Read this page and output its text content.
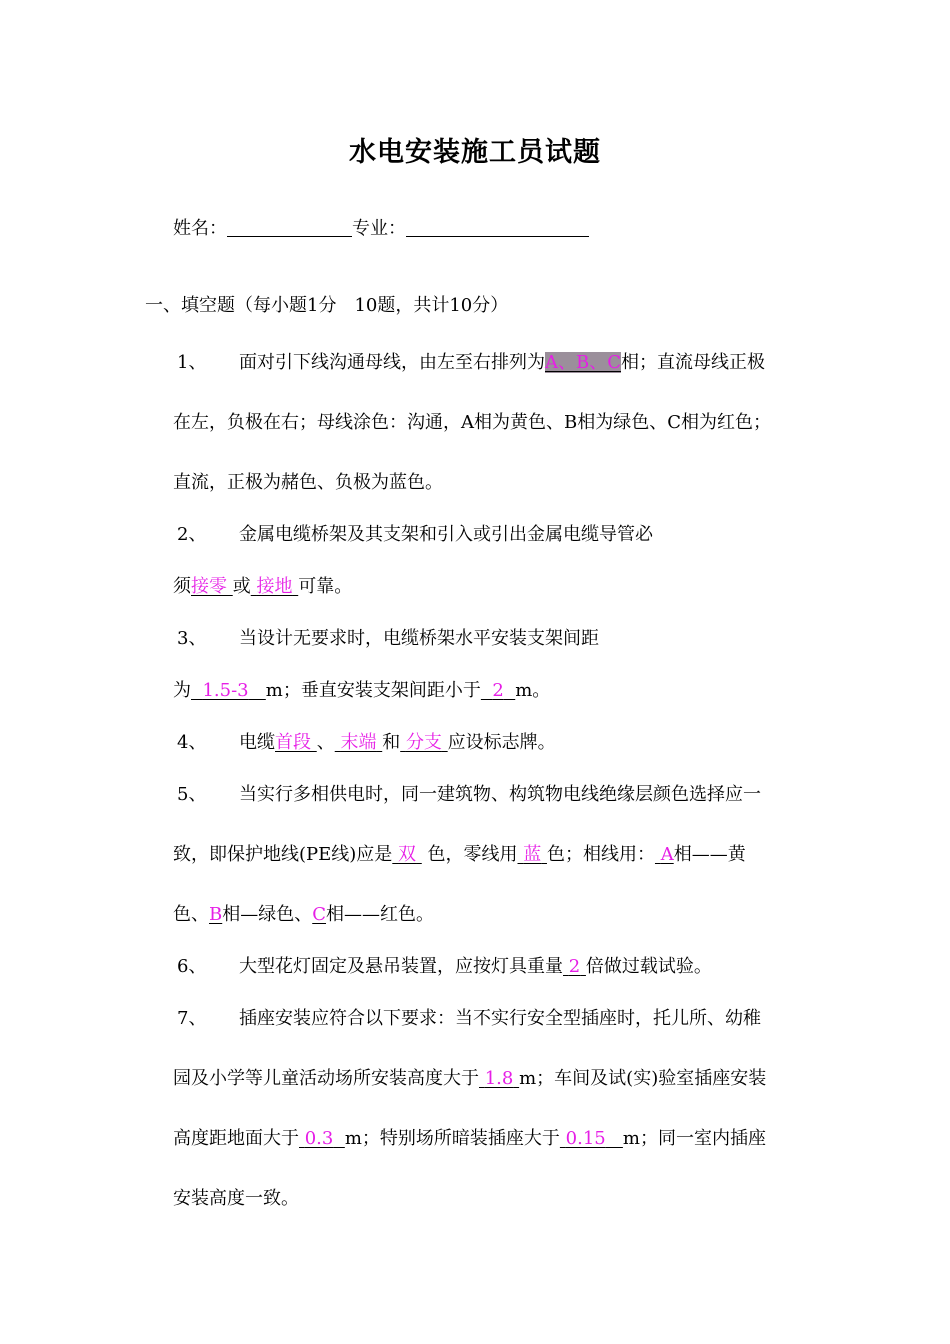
水电安装施工员试题
姓名：	专业：
一、填空题（每小题1分　10题，共计10分）
1、 面对引下线沟通母线，由左至右排列为A、B、C相；直流母线正极
在左，负极在右；母线涂色：沟通，A相为黄色、B相为绿色、C相为红色；
直流，正极为赭色、负极为蓝色。
2、 金属电缆桥架及其支架和引入或引出金属电缆导管必
须接零 或 接地 可靠。
3、 当设计无要求时，电缆桥架水平安装支架间距
为 1.5-3 m；垂直安装支架间距小于 2 m。
4、 电缆首段 、 末端 和 分支 应设标志牌。
5、 当实行多相供电时，同一建筑物、构筑物电线绝缘层颜色选择应一
致，即保护地线(PE线)应是 双 色，零线用 蓝 色；相线用： A相——黄
色、B相—绿色、C相——红色。
6、 大型花灯固定及悬吊装置，应按灯具重量 2 倍做过载试验。
7、 插座安装应符合以下要求：当不实行安全型插座时，托儿所、幼稚
园及小学等儿童活动场所安装高度大于 1.8 m；车间及试(实)验室插座安装
高度距地面大于 0.3 m；特别场所暗装插座大于 0.15 m；同一室内插座
安装高度一致。
